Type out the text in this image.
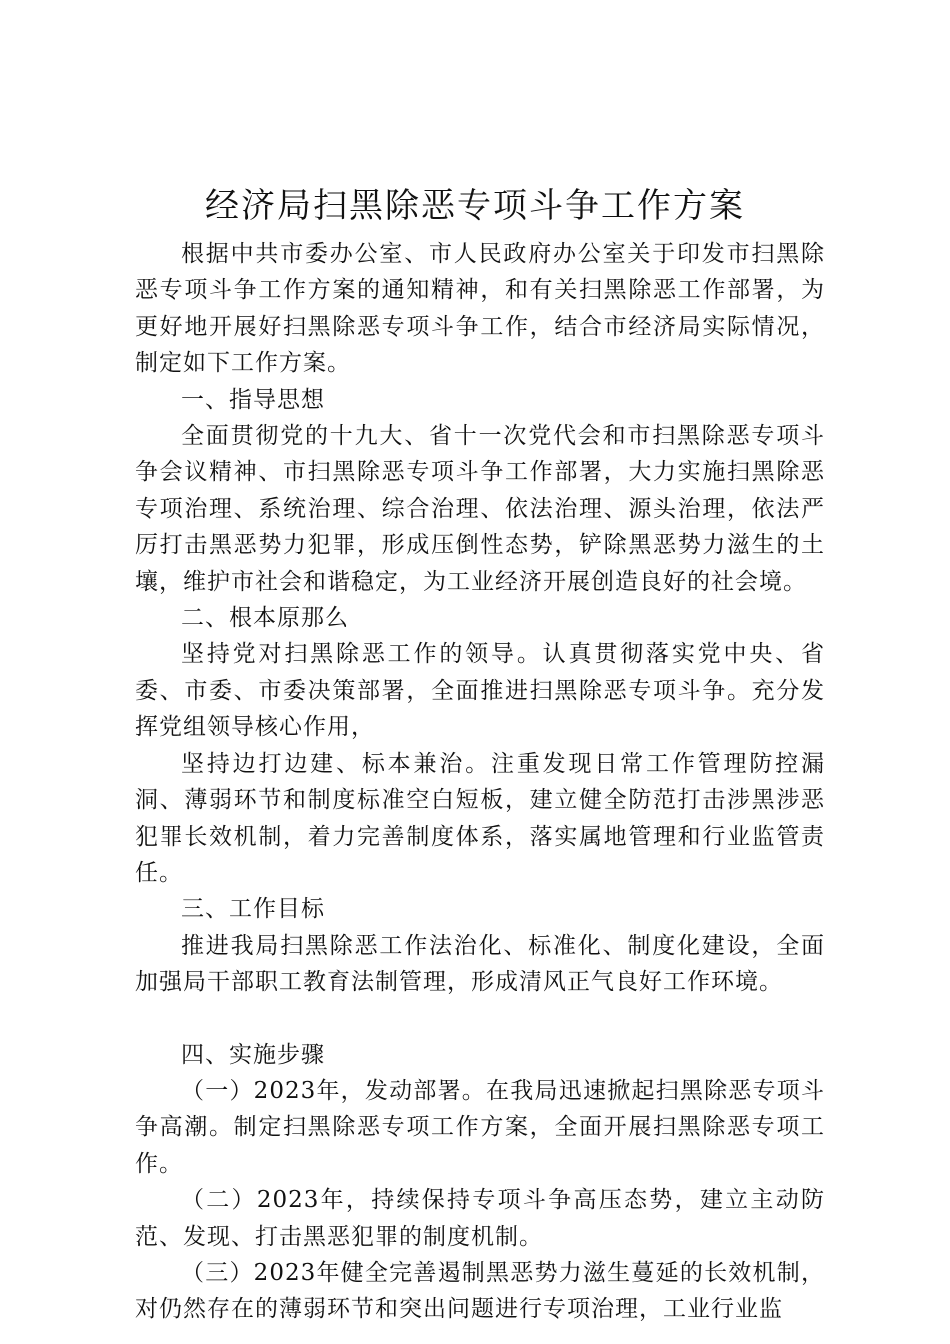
经济局扫黑除恶专项斗争工作方案

根据中共市委办公室、市人民政府办公室关于印发市扫黑除恶专项斗争工作方案的通知精神，和有关扫黑除恶工作部署，为更好地开展好扫黑除恶专项斗争工作，结合市经济局实际情况，制定如下工作方案。

一、指导思想

全面贯彻党的十九大、省十一次党代会和市扫黑除恶专项斗争会议精神、市扫黑除恶专项斗争工作部署，大力实施扫黑除恶专项治理、系统治理、综合治理、依法治理、源头治理，依法严厉打击黑恶势力犯罪，形成压倒性态势，铲除黑恶势力滋生的土壤，维护市社会和谐稳定，为工业经济开展创造良好的社会境。

二、根本原那么

坚持党对扫黑除恶工作的领导。认真贯彻落实党中央、省委、市委、市委决策部署，全面推进扫黑除恶专项斗争。充分发挥党组领导核心作用，

坚持边打边建、标本兼治。注重发现日常工作管理防控漏洞、薄弱环节和制度标准空白短板，建立健全防范打击涉黑涉恶犯罪长效机制，着力完善制度体系，落实属地管理和行业监管责任。

三、工作目标

推进我局扫黑除恶工作法治化、标准化、制度化建设，全面加强局干部职工教育法制管理，形成清风正气良好工作环境。

四、实施步骤

（一）2023年，发动部署。在我局迅速掀起扫黑除恶专项斗争高潮。制定扫黑除恶专项工作方案，全面开展扫黑除恶专项工作。

（二）2023年，持续保持专项斗争高压态势，建立主动防范、发现、打击黑恶犯罪的制度机制。

（三）2023年健全完善遏制黑恶势力滋生蔓延的长效机制，对仍然存在的薄弱环节和突出问题进行专项治理，工业行业监
